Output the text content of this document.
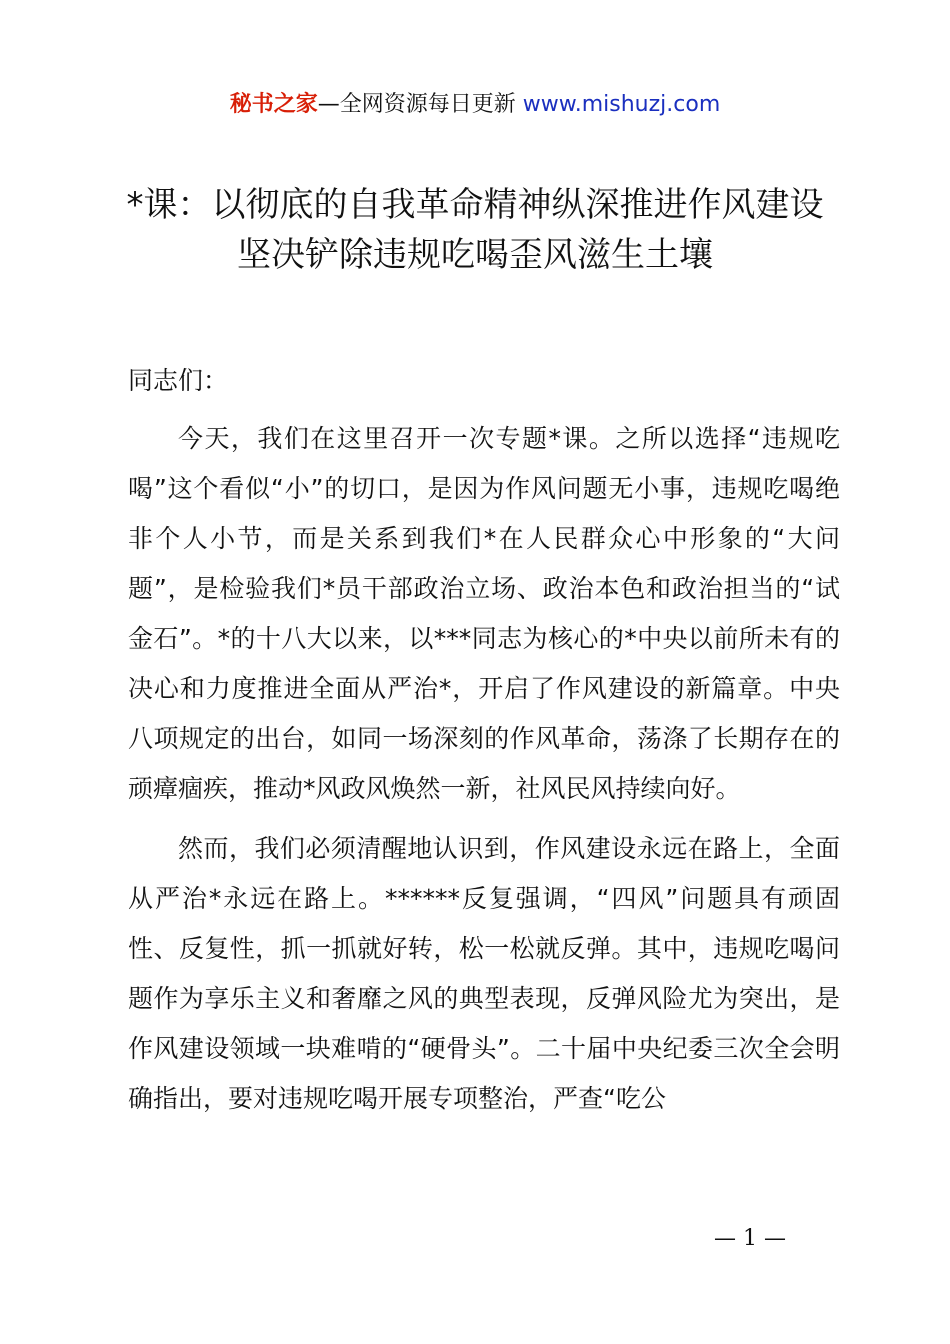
秘书之家—全网资源每日更新 www.mishuzj.com
*课：以彻底的自我革命精神纵深推进作风建设坚决铲除违规吃喝歪风滋生土壤

同志们：

今天，我们在这里召开一次专题*课。之所以选择“违规吃喝”这个看似“小”的切口，是因为作风问题无小事，违规吃喝绝非个人小节，而是关系到我们*在人民群众心中形象的“大问题”，是检验我们*员干部政治立场、政治本色和政治担当的“试金石”。*的十八大以来，以***同志为核心的*中央以前所未有的决心和力度推进全面从严治*，开启了作风建设的新篇章。中央八项规定的出台，如同一场深刻的作风革命，荡涤了长期存在的顽瘴痼疾，推动*风政风焕然一新，社风民风持续向好。

然而，我们必须清醒地认识到，作风建设永远在路上，全面从严治*永远在路上。******反复强调，“四风”问题具有顽固性、反复性，抓一抓就好转，松一松就反弹。其中，违规吃喝问题作为享乐主义和奢靡之风的典型表现，反弹风险尤为突出，是作风建设领域一块难啃的“硬骨头”。二十届中央纪委三次全会明确指出，要对违规吃喝开展专项整治，严查“吃公

— 1 —
